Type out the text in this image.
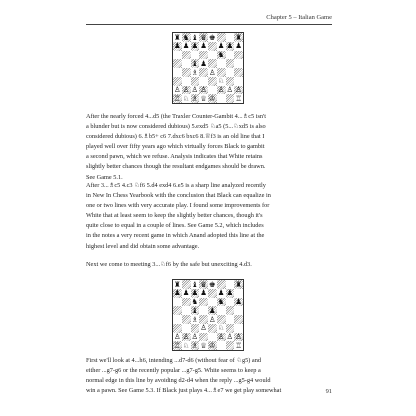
Chapter 5 – Italian Game
♜ ♞ ♝ ♛ ♚	♜
♟ ♟ ♟ ♟ ♟ ♟ ♟
♞
♝ ♟
♗ ♙
♘
♙ ♙ ♙ ♙ ♙ ♙ ♙
♖ ♘ ♗ ♕ ♔	♖
After the nearly forced 4...d5 (the Traxler Counter-Gambit 4...♗c5 isn't
a blunder but is now considered dubious) 5.exd5 ♘a5 (5...♘xd5 is also
considered dubious) 6.♗b5+ c6 7.dxc6 bxc6 8.♕f3 is an old line that I
played well over fifty years ago which virtually forces Black to gambit
a second pawn, which we refuse. Analysis indicates that White retains
slightly better chances though the resultant endgames should be drawn.
See Game 5.1.
After 3...♗c5 4.c3 ♘f6 5.d4 exd4 6.e5 is a sharp line analyzed recently
in New In Chess Yearbook with the conclusion that Black can equalize in
one or two lines with very accurate play. I found some improvements for
White that at least seem to keep the slightly better chances, though it's
quite close to equal in a couple of lines. See Game 5.2, which includes
in the notes a very recent game in which Anand adopted this line at the
highest level and did obtain some advantage.
Next we come to meeting 3...♘f6 by the safe but unexciting 4.d3.
♜ ♝ ♛ ♚	♜
♟ ♟ ♟ ♟ ♟ ♟
♞	♞ ♟
♝ ♟
♗ ♙
♙ ♘
♙ ♙ ♙	♙ ♙ ♙
♖ ♘ ♗ ♕ ♔	♖
First we'll look at 4...h6, intending ...d7-d6 (without fear of ♘g5) and
either ...g7-g6 or the recently popular ...g7-g5. White seems to keep a
normal edge in this line by avoiding d2-d4 when the reply ...g5-g4 would
win a pawn. See Game 5.3. If Black just plays 4...♗e7 we get play somewhat	91
